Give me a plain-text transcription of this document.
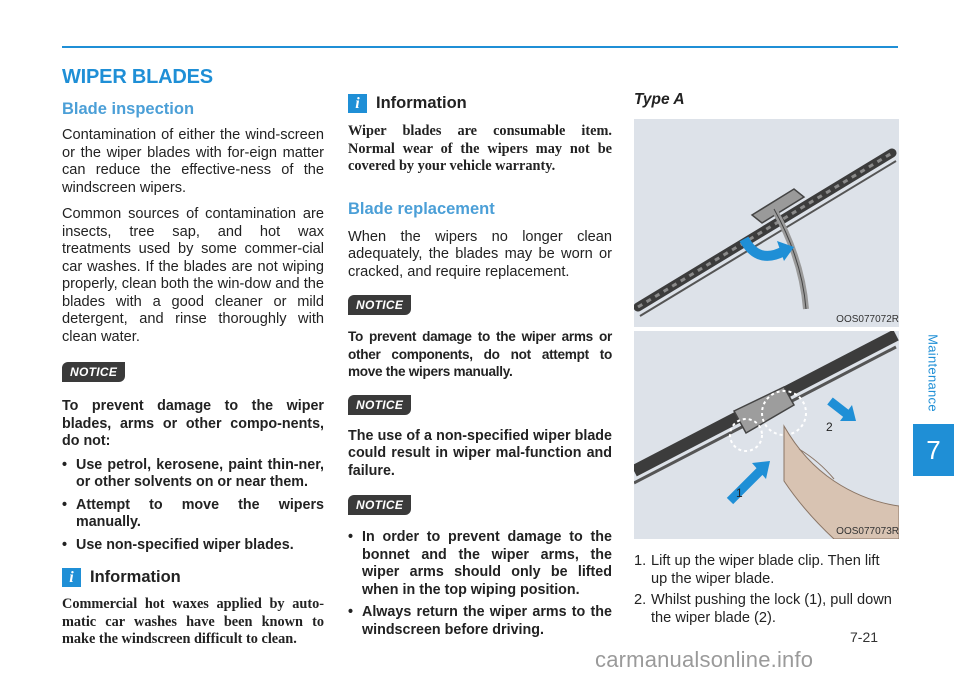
Maintenance
7
WIPER BLADES
Blade inspection

Contamination of either the wind-screen or the wiper blades with for-eign matter can reduce the effective-ness of the windscreen wipers.

Common sources of contamination are insects, tree sap, and hot wax treatments used by some commer-cial car washes. If the blades are not wiping properly, clean both the win-dow and the blades with a good cleaner or mild detergent, and rinse thoroughly with clean water.

NOTICE

To prevent damage to the wiper blades, arms or other compo-nents, do not:

• Use petrol, kerosene, paint thin-ner, or other solvents on or near them.
• Attempt to move the wipers manually.
• Use non-specified wiper blades.
i Information

Commercial hot waxes applied by auto-matic car washes have been known to make the windscreen difficult to clean.

i Information

Wiper blades are consumable item. Normal wear of the wipers may not be covered by your vehicle warranty.

Blade replacement

When the wipers no longer clean adequately, the blades may be worn or cracked, and require replacement.

NOTICE

To prevent damage to the wiper arms or other components, do not attempt to move the wipers manually.

NOTICE

The use of a non-specified wiper blade could result in wiper mal-function and failure.

NOTICE
• In order to prevent damage to the bonnet and the wiper arms, the wiper arms should only be lifted when in the top wiping position.
• Always return the wiper arms to the windscreen before driving.
Type A
OOS077072R
1
2
OOS077073R
1. Lift up the wiper blade clip. Then lift up the wiper blade.
2. Whilst pushing the lock (1), pull down the wiper blade (2).
7-21
carmanualsonline.info
